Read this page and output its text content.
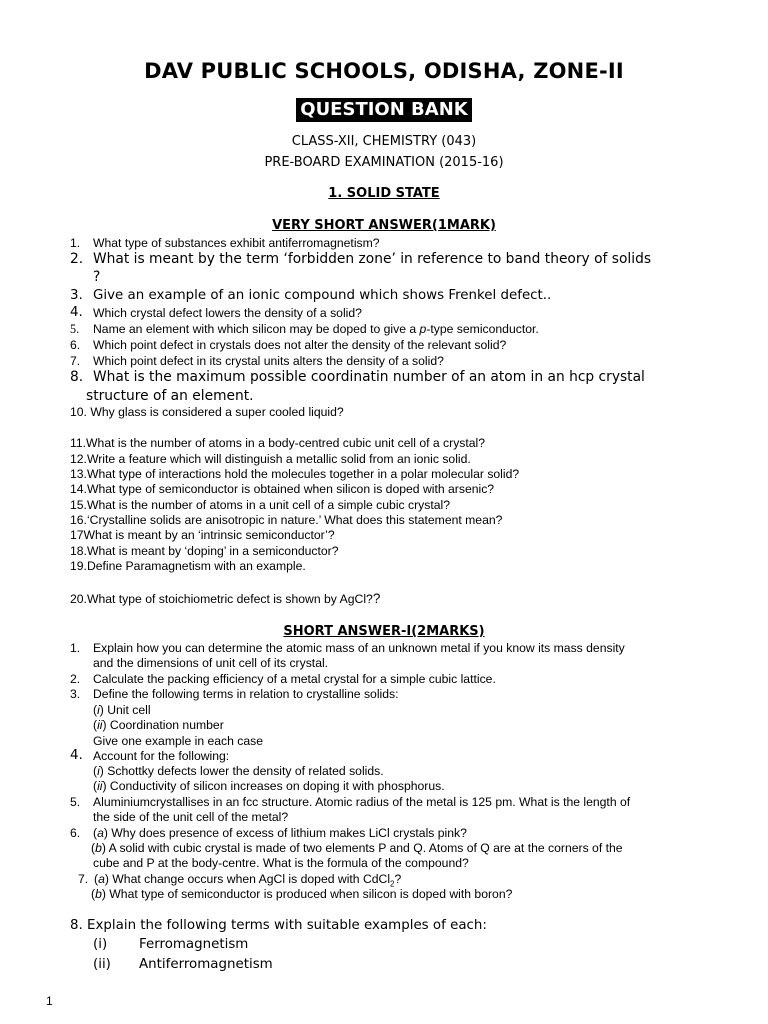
DAV PUBLIC SCHOOLS, ODISHA, ZONE-II
QUESTION BANK
CLASS-XII, CHEMISTRY (043)
PRE-BOARD EXAMINATION (2015-16)
1. SOLID STATE
VERY SHORT ANSWER(1MARK)
1. What type of substances exhibit antiferromagnetism?
2. What is meant by the term ‘forbidden zone’ in reference to band theory of solids
?
3. Give an example of an ionic compound which shows Frenkel defect..
4. Which crystal defect lowers the density of a solid?
5. Name an element with which silicon may be doped to give a p-type semiconductor.
6. Which point defect in crystals does not alter the density of the relevant solid?
7. Which point defect in its crystal units alters the density of a solid?
8. What is the maximum possible coordinatin number of an atom in an hcp crystal
structure of an element.
10. Why glass is considered a super cooled liquid?
11.What is the number of atoms in a body-centred cubic unit cell of a crystal?
12.Write a feature which will distinguish a metallic solid from an ionic solid.
13.What type of interactions hold the molecules together in a polar molecular solid?
14.What type of semiconductor is obtained when silicon is doped with arsenic?
15.What is the number of atoms in a unit cell of a simple cubic crystal?
16.‘Crystalline solids are anisotropic in nature.’ What does this statement mean?
17What is meant by an ‘intrinsic semiconductor’?
18.What is meant by ‘doping’ in a semiconductor?
19.Define Paramagnetism with an example.
20.What type of stoichiometric defect is shown by AgCl??
SHORT ANSWER-I(2MARKS)
1. Explain how you can determine the atomic mass of an unknown metal if you know its mass density
and the dimensions of unit cell of its crystal.
2. Calculate the packing efficiency of a metal crystal for a simple cubic lattice.
3. Define the following terms in relation to crystalline solids:
(i) Unit cell
(ii) Coordination number
Give one example in each case
4. Account for the following:
(i) Schottky defects lower the density of related solids.
(ii) Conductivity of silicon increases on doping it with phosphorus.
5. Aluminiumcrystallises in an fcc structure. Atomic radius of the metal is 125 pm. What is the length of
the side of the unit cell of the metal?
6. (a) Why does presence of excess of lithium makes LiCl crystals pink?
(b) A solid with cubic crystal is made of two elements P and Q. Atoms of Q are at the corners of the
cube and P at the body-centre. What is the formula of the compound?
7. (a) What change occurs when AgCl is doped with CdCl$_2$?
(b) What type of semiconductor is produced when silicon is doped with boron?
8. Explain the following terms with suitable examples of each:
(i) Ferromagnetism
(ii) Antiferromagnetism
1
